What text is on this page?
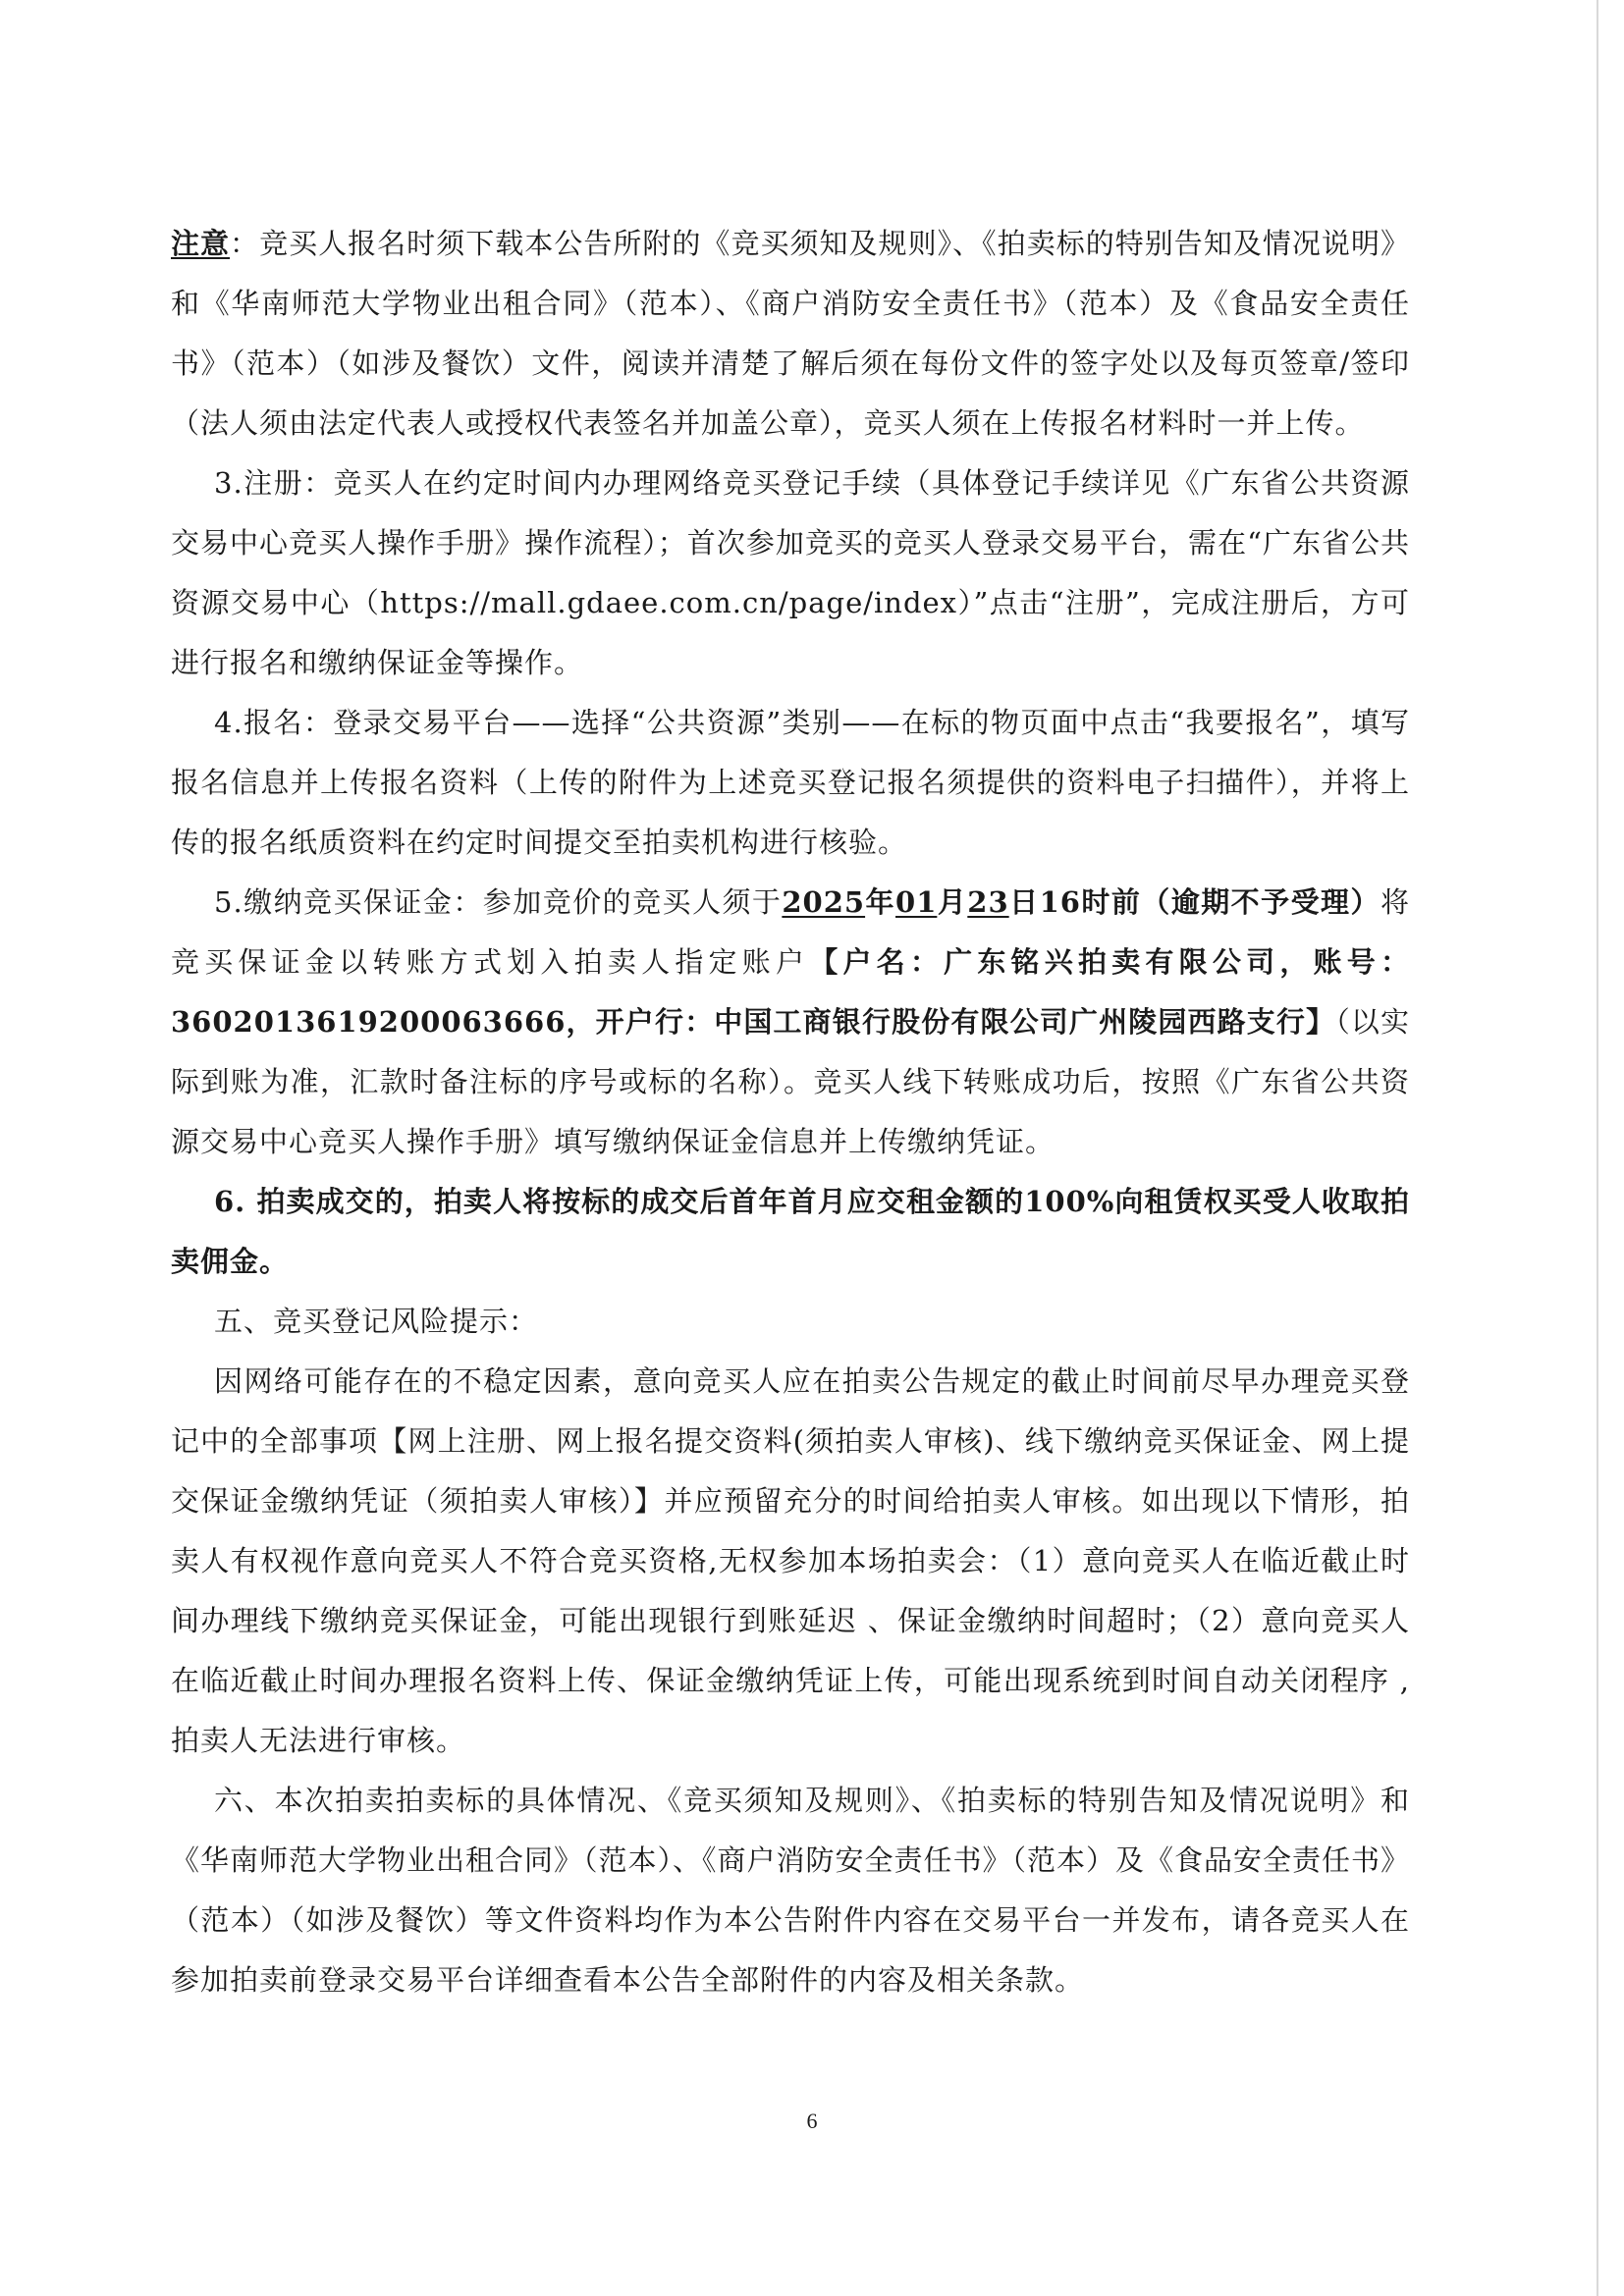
注意：竞买人报名时须下载本公告所附的《竞买须知及规则》、《拍卖标的特别告知及情况说明》和《华南师范大学物业出租合同》（范本）、《商户消防安全责任书》（范本）及《食品安全责任书》（范本）（如涉及餐饮）文件，阅读并清楚了解后须在每份文件的签字处以及每页签章/签印（法人须由法定代表人或授权代表签名并加盖公章），竞买人须在上传报名材料时一并上传。

3.注册：竞买人在约定时间内办理网络竞买登记手续（具体登记手续详见《广东省公共资源交易中心竞买人操作手册》操作流程）；首次参加竞买的竞买人登录交易平台，需在“广东省公共资源交易中心（https://mall.gdaee.com.cn/page/index）”点击“注册”，完成注册后，方可进行报名和缴纳保证金等操作。

4.报名：登录交易平台——选择“公共资源”类别——在标的物页面中点击“我要报名”，填写报名信息并上传报名资料（上传的附件为上述竞买登记报名须提供的资料电子扫描件），并将上传的报名纸质资料在约定时间提交至拍卖机构进行核验。

5.缴纳竞买保证金：参加竞价的竞买人须于2025年01月23日16时前（逾期不予受理）将竞买保证金以转账方式划入拍卖人指定账户【户名：广东铭兴拍卖有限公司，账号：3602013619200063666，开户行：中国工商银行股份有限公司广州陵园西路支行】（以实际到账为准，汇款时备注标的序号或标的名称）。竞买人线下转账成功后，按照《广东省公共资源交易中心竞买人操作手册》填写缴纳保证金信息并上传缴纳凭证。

6. 拍卖成交的，拍卖人将按标的成交后首年首月应交租金额的100%向租赁权买受人收取拍卖佣金。

五、竞买登记风险提示：

因网络可能存在的不稳定因素，意向竞买人应在拍卖公告规定的截止时间前尽早办理竞买登记中的全部事项【网上注册、网上报名提交资料(须拍卖人审核)、线下缴纳竞买保证金、网上提交保证金缴纳凭证（须拍卖人审核）】并应预留充分的时间给拍卖人审核。如出现以下情形，拍卖人有权视作意向竞买人不符合竞买资格,无权参加本场拍卖会：（1）意向竞买人在临近截止时间办理线下缴纳竞买保证金，可能出现银行到账延迟 、保证金缴纳时间超时；（2）意向竞买人在临近截止时间办理报名资料上传、保证金缴纳凭证上传，可能出现系统到时间自动关闭程序 ,拍卖人无法进行审核。

六、本次拍卖拍卖标的具体情况、《竞买须知及规则》、《拍卖标的特别告知及情况说明》和《华南师范大学物业出租合同》（范本）、《商户消防安全责任书》（范本）及《食品安全责任书》（范本）（如涉及餐饮）等文件资料均作为本公告附件内容在交易平台一并发布，请各竞买人在参加拍卖前登录交易平台详细查看本公告全部附件的内容及相关条款。

6
